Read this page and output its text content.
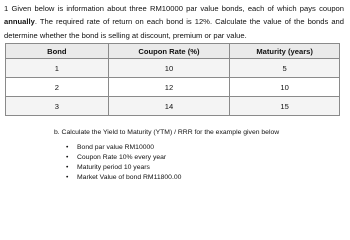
1 Given below is information about three RM10000 par value bonds, each of which pays coupon annually. The required rate of return on each bond is 12%. Calculate the value of the bonds and determine whether the bond is selling at discount, premium or par value.
Bond	Coupon Rate (%)	Maturity (years)
1	10	5
2	12	10
3	14	15
b. Calculate the Yield to Maturity (YTM) / RRR for the example given below
• Bond par value RM10000
• Coupon Rate 10% every year
• Maturity period 10 years
• Market Value of bond RM11800.00
